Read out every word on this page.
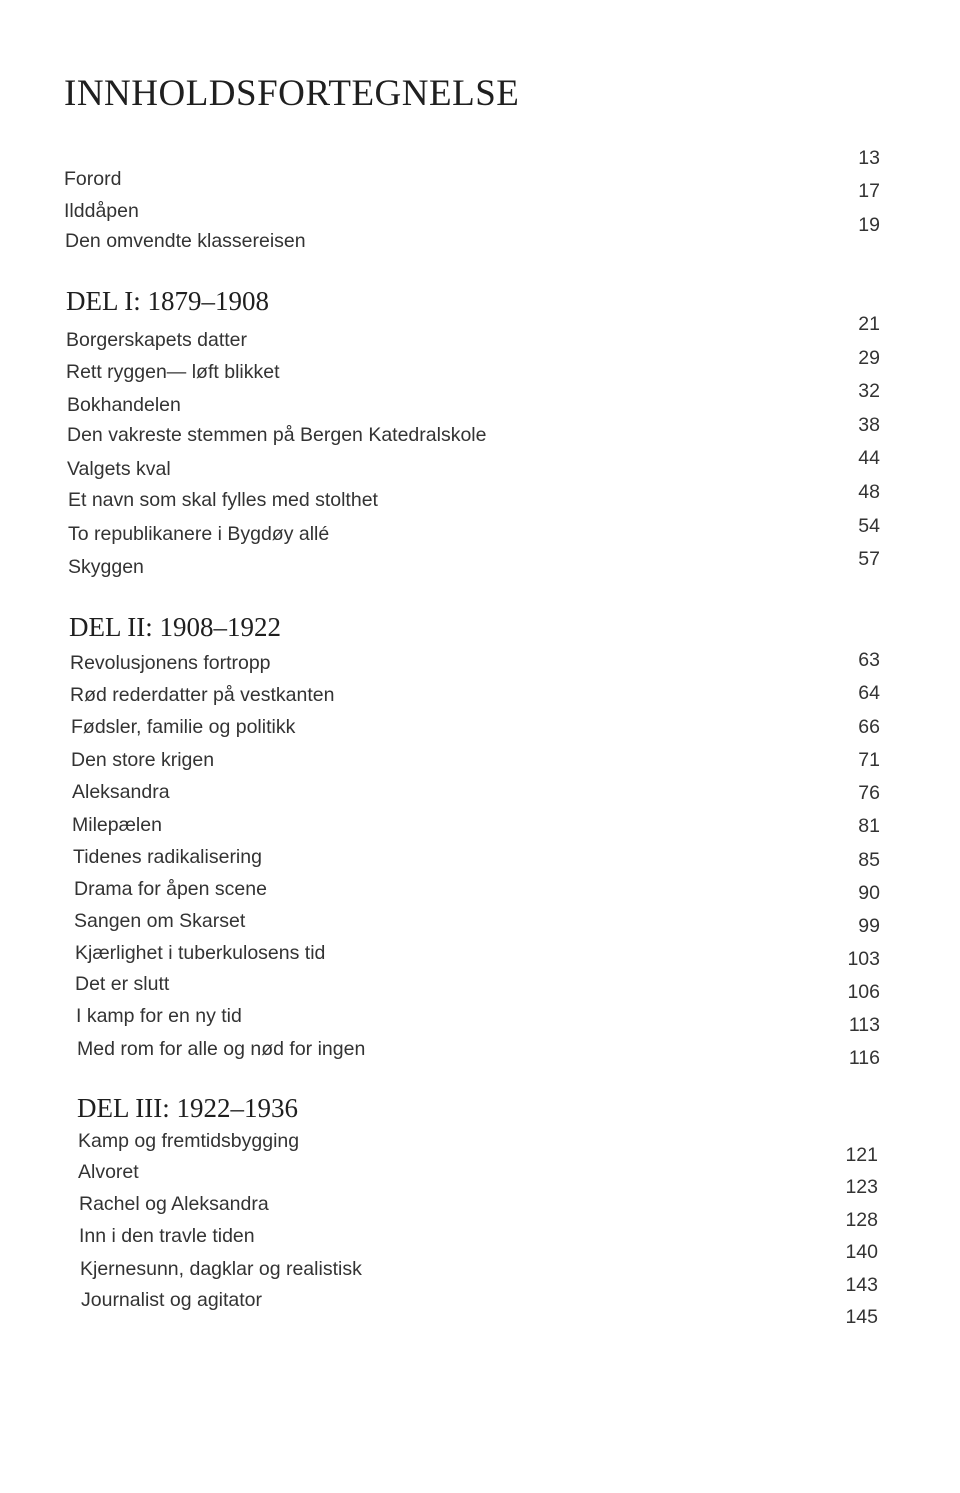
INNHOLDSFORTEGNELSE
Forord
Ilddåpen
Den omvendte klassereisen
13
17
19
DEL I: 1879–1908
Borgerskapets datter
Rett ryggen— løft blikket
Bokhandelen
Den vakreste stemmen på Bergen Katedralskole
Valgets kval
Et navn som skal fylles med stolthet
To republikanere i Bygdøy allé
Skyggen
21
29
32
38
44
48
54
57
DEL II: 1908–1922
Revolusjonens fortropp
Rød rederdatter på vestkanten
Fødsler, familie og politikk
Den store krigen
Aleksandra
Milepælen
Tidenes radikalisering
Drama for åpen scene
Sangen om Skarset
Kjærlighet i tuberkulosens tid
Det er slutt
I kamp for en ny tid
Med rom for alle og nød for ingen
63
64
66
71
76
81
85
90
99
103
106
113
116
DEL III: 1922–1936
Kamp og fremtidsbygging
Alvoret
Rachel og Aleksandra
Inn i den travle tiden
Kjernesunn, dagklar og realistisk
Journalist og agitator
121
123
128
140
143
145
